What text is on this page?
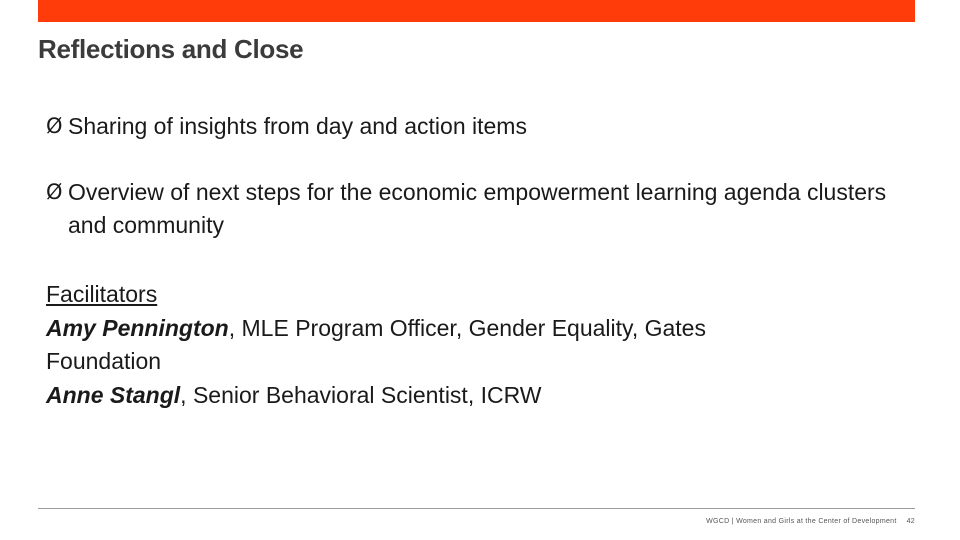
Reflections and Close
Ø Sharing of insights from day and action items
Ø Overview of next steps for the economic empowerment learning agenda clusters and community
Facilitators
Amy Pennington, MLE Program Officer, Gender Equality, Gates Foundation
Anne Stangl, Senior Behavioral Scientist, ICRW
WGCD | Women and Girls at the Center of Development 42
